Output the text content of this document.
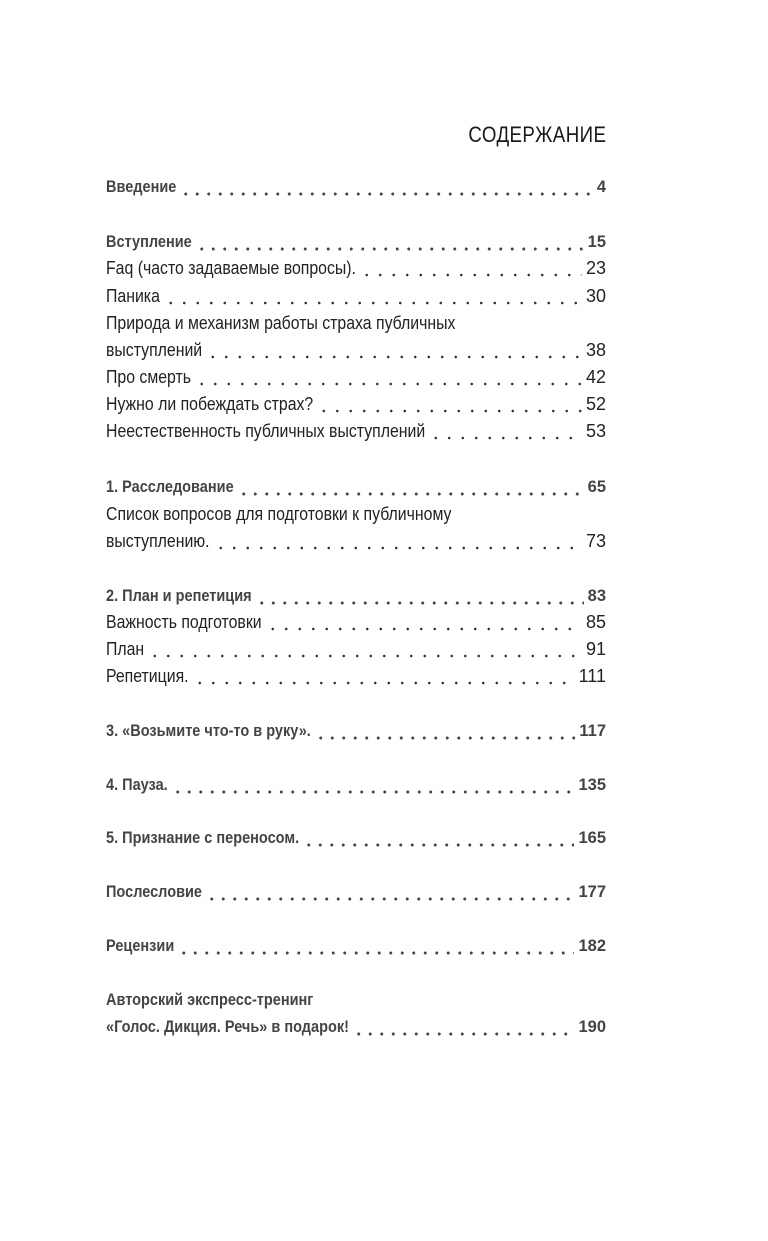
СОДЕРЖАНИЕ
Введение	4
Вступление	15
Faq (часто задаваемые вопросы).	23
Паника	30
Природа и механизм работы страха публичных
выступлений	38
Про смерть	42
Нужно ли побеждать страх?	52
Неестественность публичных выступлений	53
1. Расследование	65
Список вопросов для подготовки к публичному
выступлению.	73
2. План и репетиция	83
Важность подготовки	85
План	91
Репетиция.	111
3. «Возьмите что-то в руку».	117
4. Пауза.	135
5. Признание с переносом.	165
Послесловие	177
Рецензии	182
Авторский экспресс-тренинг
«Голос. Дикция. Речь» в подарок!	190
